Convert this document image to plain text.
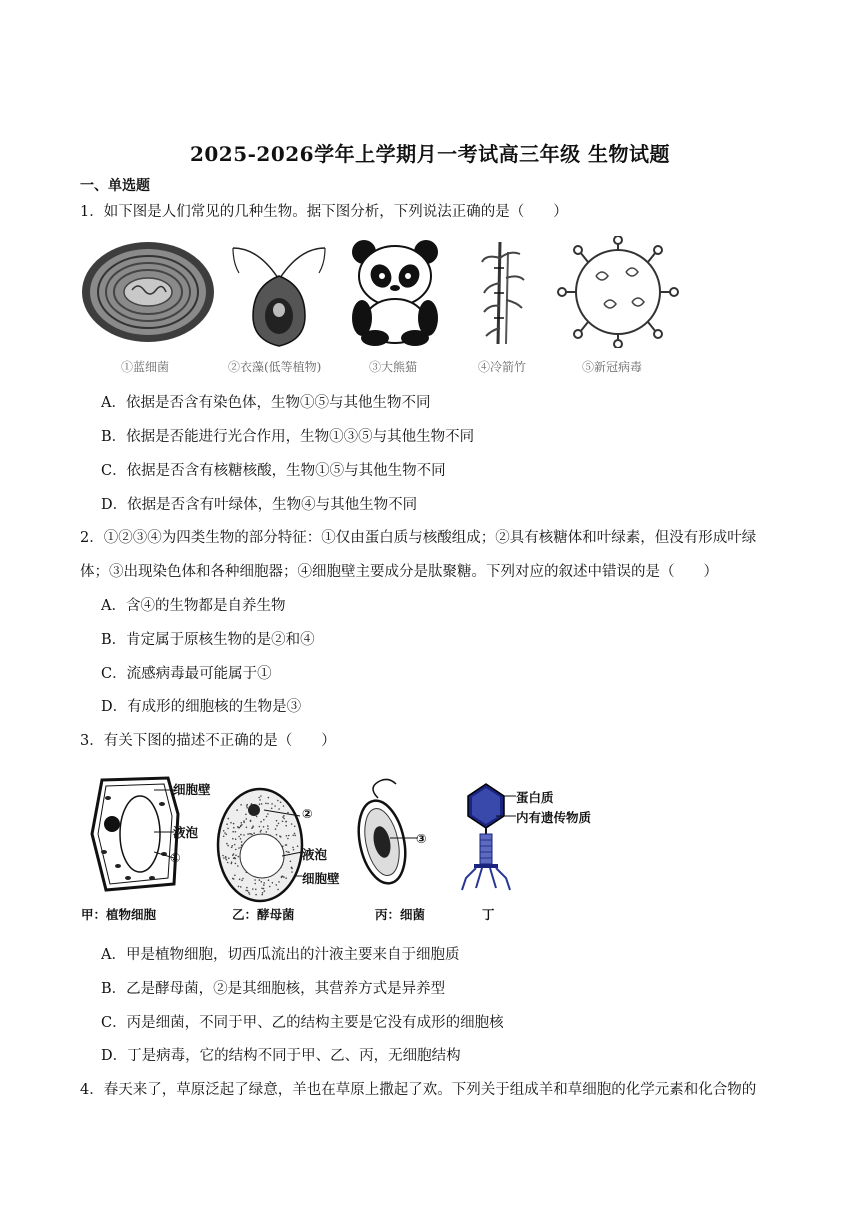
2025-2026学年上学期月一考试高三年级 生物试题
一、单选题
1．如下图是人们常见的几种生物。据下图分析，下列说法正确的是（　　）
①蓝细菌	②衣藻(低等植物)	③大熊猫	④冷箭竹	⑤新冠病毒
A．依据是否含有染色体，生物①⑤与其他生物不同
B．依据是否能进行光合作用，生物①③⑤与其他生物不同
C．依据是否含有核糖核酸，生物①⑤与其他生物不同
D．依据是否含有叶绿体，生物④与其他生物不同
2．①②③④为四类生物的部分特征：①仅由蛋白质与核酸组成；②具有核糖体和叶绿素，但没有形成叶绿
体；③出现染色体和各种细胞器；④细胞壁主要成分是肽聚糖。下列对应的叙述中错误的是（　　）
A．含④的生物都是自养生物
B．肯定属于原核生物的是②和④
C．流感病毒最可能属于①
D．有成形的细胞核的生物是③
3．有关下图的描述不正确的是（　　）
细胞壁
液泡
①
②
液泡
细胞壁
③
蛋白质
内有遗传物质
甲：植物细胞	乙：酵母菌	丙：细菌	丁
A．甲是植物细胞，切西瓜流出的汁液主要来自于细胞质
B．乙是酵母菌，②是其细胞核，其营养方式是异养型
C．丙是细菌，不同于甲、乙的结构主要是它没有成形的细胞核
D．丁是病毒，它的结构不同于甲、乙、丙，无细胞结构
4．春天来了，草原泛起了绿意，羊也在草原上撒起了欢。下列关于组成羊和草细胞的化学元素和化合物的
